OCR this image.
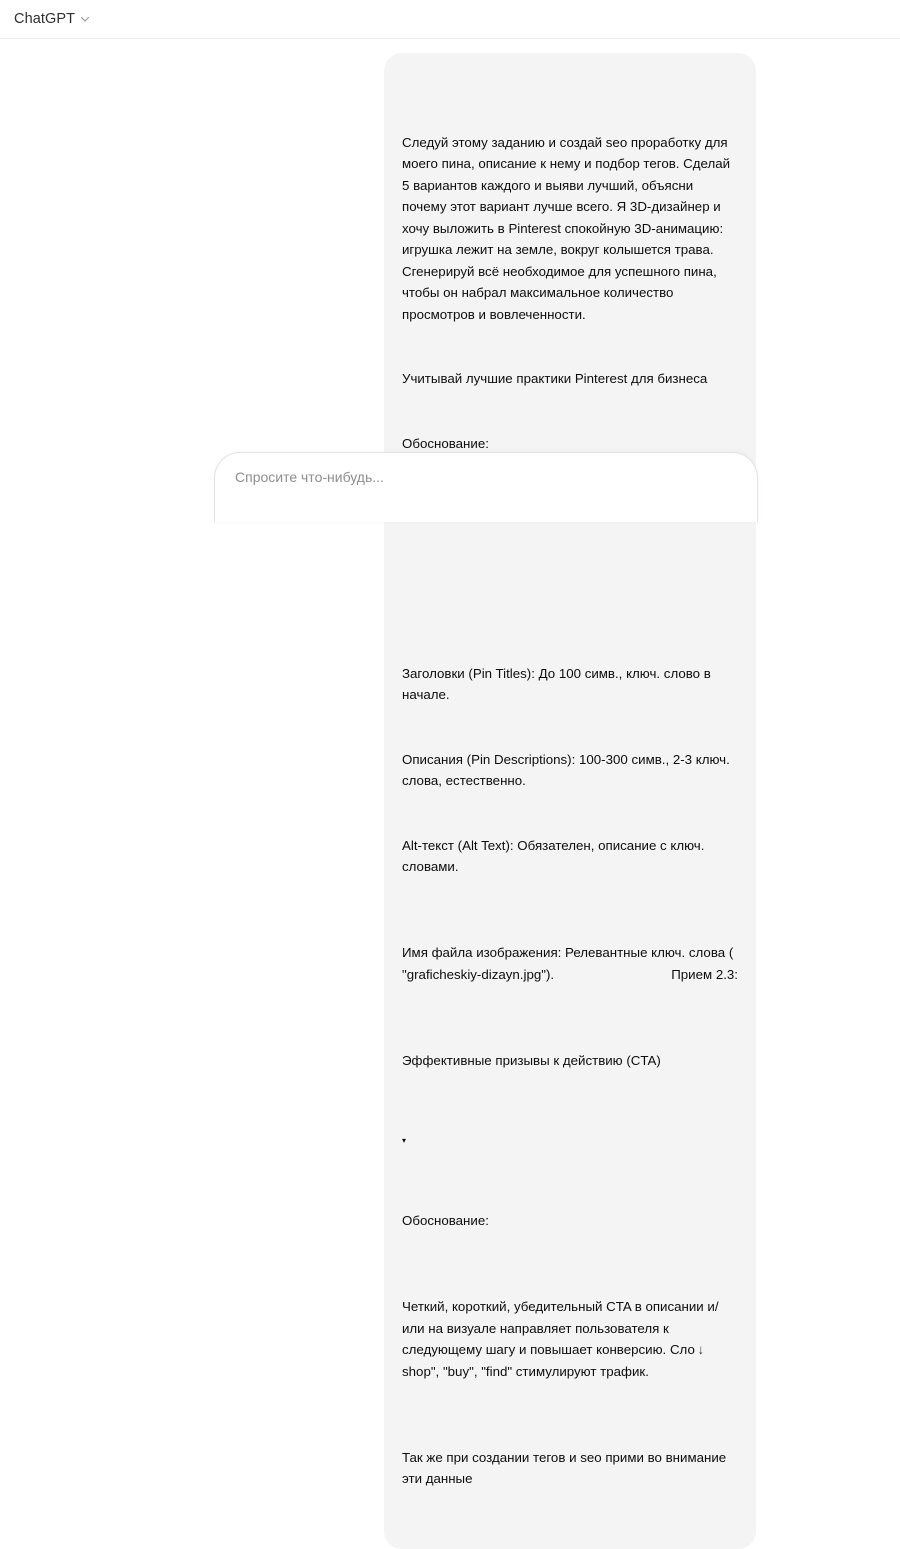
ChatGPT

Следуй этому заданию и создай seo проработку для моего пина, описание к нему и подбор тегов. Сделай 5 вариантов каждого и выяви лучший, объясни почему этот вариант лучше всего. Я 3D-дизайнер и хочу выложить в Pinterest спокойную 3D-анимацию: игрушка лежит на земле, вокруг колышется трава. Сгенерируй всё необходимое для успешного пина, чтобы он набрал максимальное количество просмотров и вовлеченности.

Учитывай лучшие практики Pinterest для бизнеса

Обоснование:

Заголовки (Pin Titles): До 100 симв., ключ. слово в начале.

Описания (Pin Descriptions): 100-300 симв., 2-3 ключ. слова, естественно.

Alt-текст (Alt Text): Обязателен, описание с ключ. словами.

Имя файла изображения: Релевантные ключ. слова ( "graficheskiy-dizayn.jpg").	Прием 2.3:

Эффективные призывы к действию (CTA)

▾

Обоснование:

Четкий, короткий, убедительный CTA в описании и/или на визуале направляет пользователя к следующему шагу и повышает конверсию. Сло ↓shop", "buy", "find" стимулируют трафик.

Так же при создании тегов и seo прими во внимание эти данные

Спросите что-нибудь...
